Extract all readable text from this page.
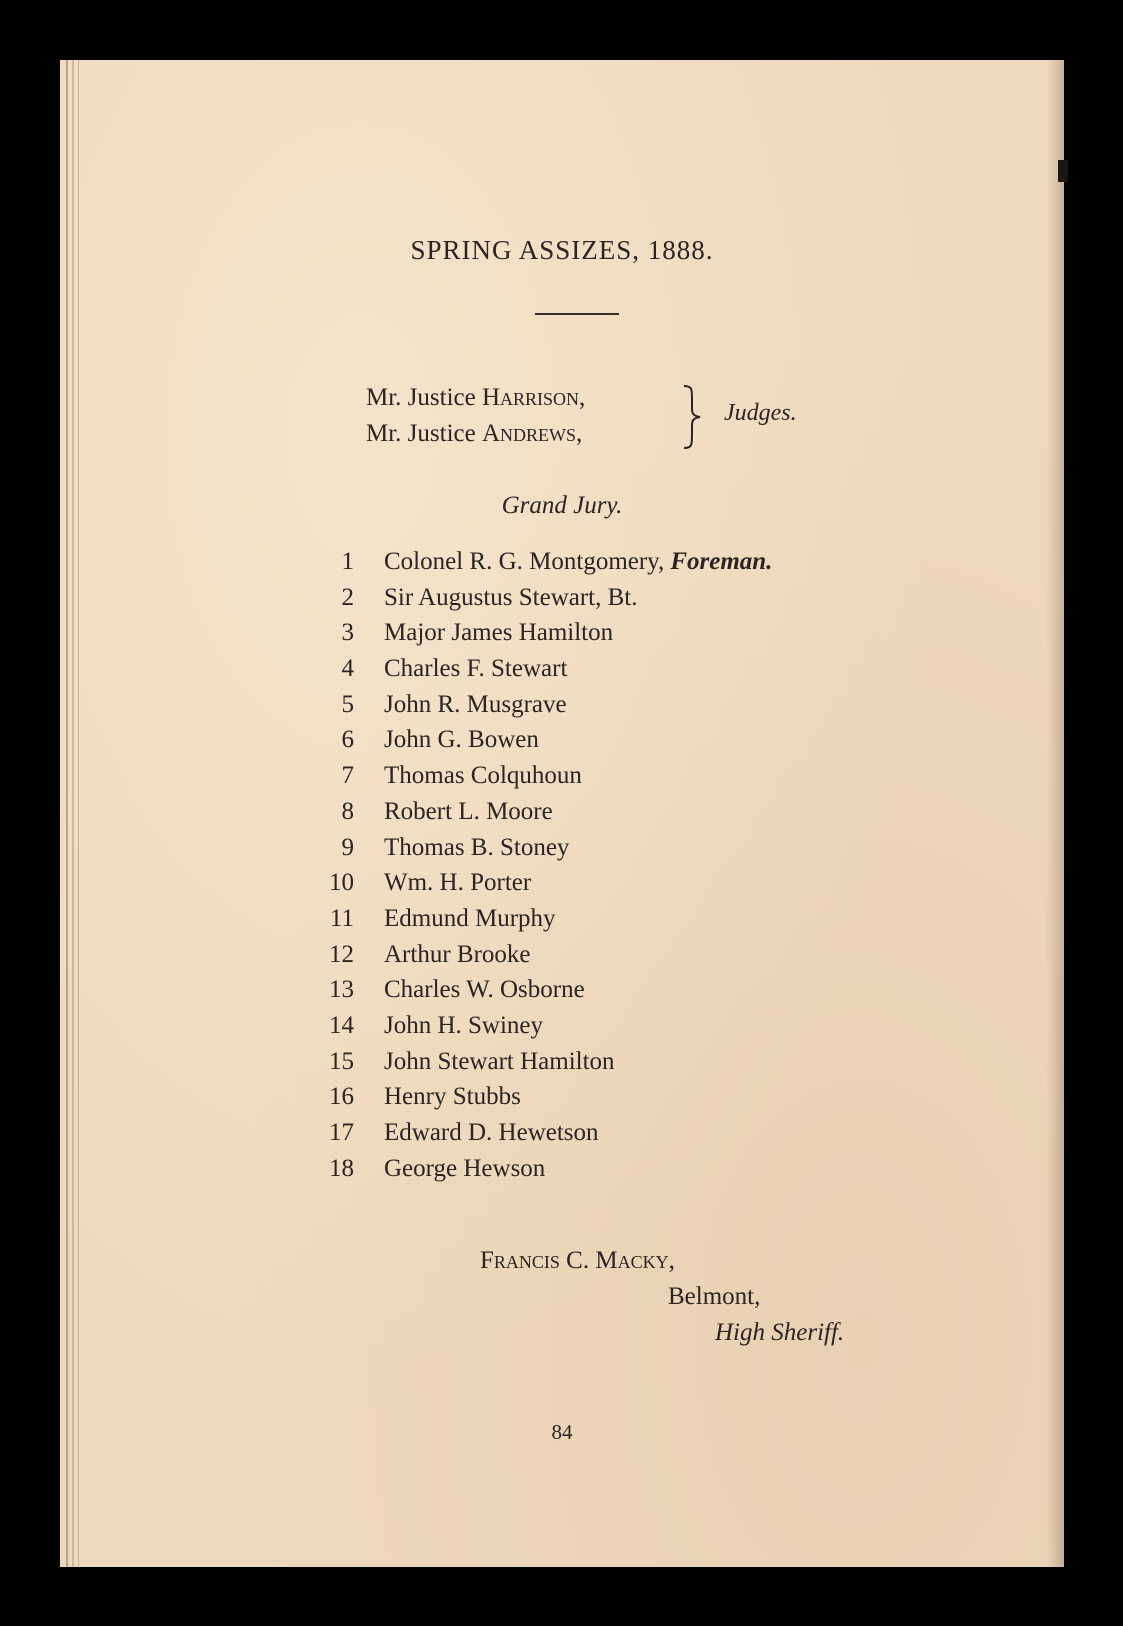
SPRING ASSIZES, 1888.
Mr. Justice Harrison,
Mr. Justice Andrews,
Judges.
Grand Jury.
1 Colonel R. G. Montgomery, Foreman.
2 Sir Augustus Stewart, Bt.
3 Major James Hamilton
4 Charles F. Stewart
5 John R. Musgrave
6 John G. Bowen
7 Thomas Colquhoun
8 Robert L. Moore
9 Thomas B. Stoney
10 Wm. H. Porter
11 Edmund Murphy
12 Arthur Brooke
13 Charles W. Osborne
14 John H. Swiney
15 John Stewart Hamilton
16 Henry Stubbs
17 Edward D. Hewetson
18 George Hewson
Francis C. Macky,
Belmont,
High Sheriff.
84
